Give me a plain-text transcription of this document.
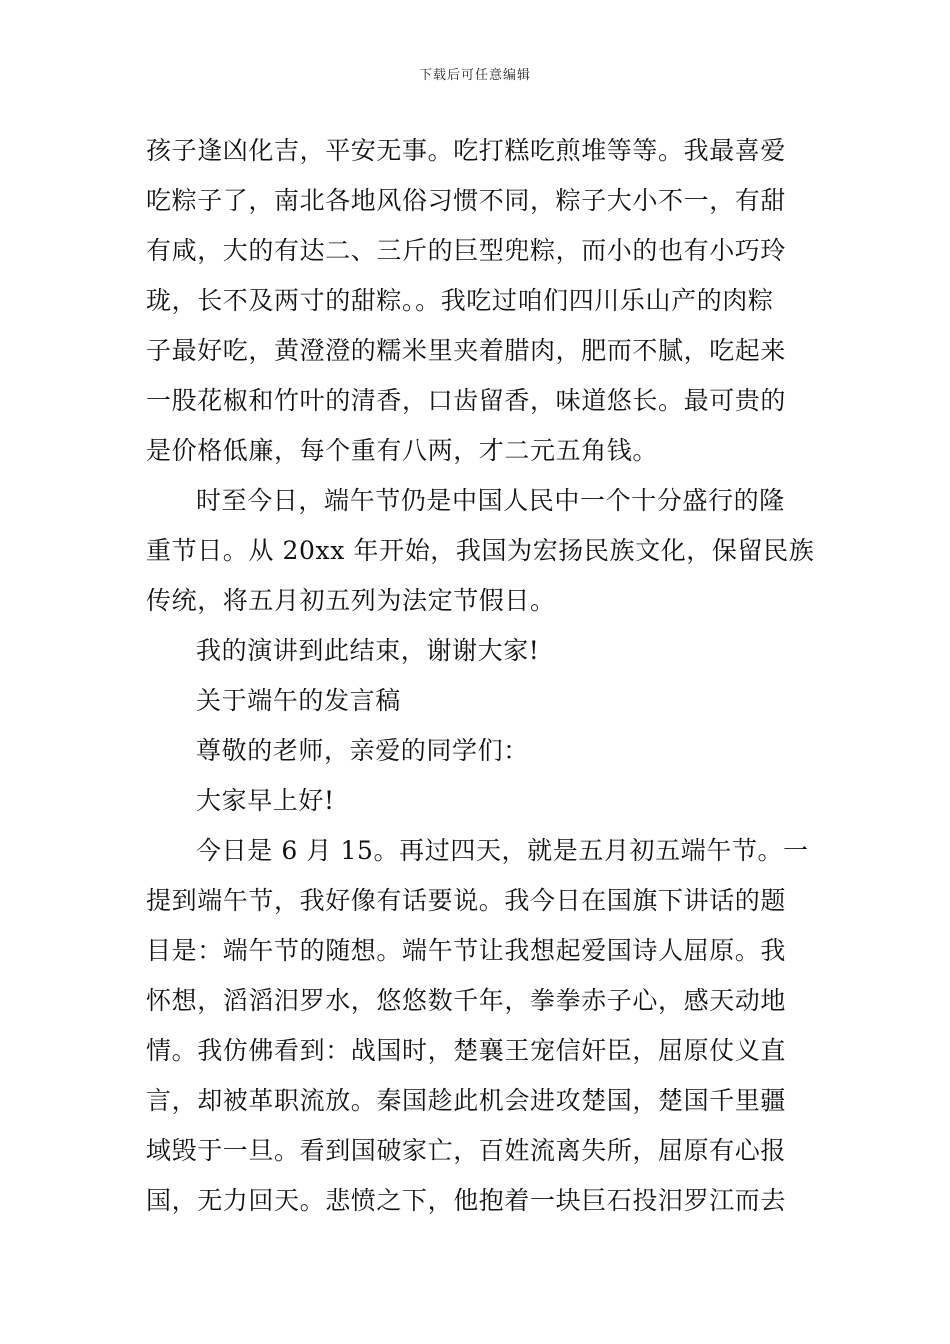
下载后可任意编辑
孩子逢凶化吉，平安无事。吃打糕吃煎堆等等。我最喜爱
吃粽子了，南北各地风俗习惯不同，粽子大小不一，有甜
有咸，大的有达二、三斤的巨型兜粽，而小的也有小巧玲
珑，长不及两寸的甜粽。。我吃过咱们四川乐山产的肉粽
子最好吃，黄澄澄的糯米里夹着腊肉，肥而不腻，吃起来
一股花椒和竹叶的清香，口齿留香，味道悠长。最可贵的
是价格低廉，每个重有八两，才二元五角钱。
时至今日，端午节仍是中国人民中一个十分盛行的隆
重节日。从 20xx 年开始，我国为宏扬民族文化，保留民族
传统，将五月初五列为法定节假日。
我的演讲到此结束，谢谢大家!
关于端午的发言稿
尊敬的老师，亲爱的同学们：
大家早上好!
今日是 6 月 15。再过四天，就是五月初五端午节。一
提到端午节，我好像有话要说。我今日在国旗下讲话的题
目是：端午节的随想。端午节让我想起爱国诗人屈原。我
怀想，滔滔汨罗水，悠悠数千年，拳拳赤子心，感天动地
情。我仿佛看到：战国时，楚襄王宠信奸臣，屈原仗义直
言，却被革职流放。秦国趁此机会进攻楚国，楚国千里疆
域毁于一旦。看到国破家亡，百姓流离失所，屈原有心报
国，无力回天。悲愤之下，他抱着一块巨石投汨罗江而去
